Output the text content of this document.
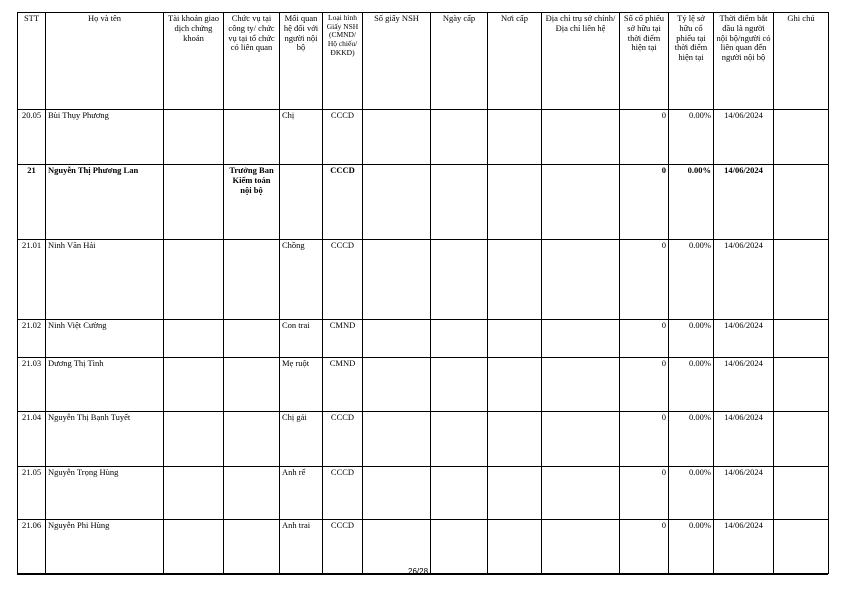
STT	Họ và tên	Tài khoản giao dịch chứng khoán	Chức vụ tại công ty/ chức vụ tại tổ chức có liên quan	Mối quan hệ đối với người nội bộ	Loại hình Giấy NSH (CMND/ Hộ chiếu/ ĐKKD)	Số giấy NSH	Ngày cấp	Nơi cấp	Địa chỉ trụ sở chính/Địa chỉ liên hệ	Số cổ phiếu sở hữu tại thời điểm hiện tại	Tỷ lệ sở hữu cổ phiếu tại thời điểm hiện tại	Thời điểm bắt đầu là người nội bộ/người có liên quan đến người nội bộ	Ghi chú
20.05	Bùi Thụy Phương			Chị	CCCD					0	0.00%	14/06/2024	
21	Nguyễn Thị Phương Lan		Trưởng Ban Kiểm toán nội bộ		CCCD					0	0.00%	14/06/2024	
21.01	Ninh Văn Hải			Chồng	CCCD					0	0.00%	14/06/2024	
21.02	Ninh Việt Cường			Con trai	CMND					0	0.00%	14/06/2024	
21.03	Dương Thị Tình			Mẹ ruột	CMND					0	0.00%	14/06/2024	
21.04	Nguyễn Thị Bạnh Tuyết			Chị gái	CCCD					0	0.00%	14/06/2024	
21.05	Nguyễn Trọng Hùng			Anh rể	CCCD					0	0.00%	14/06/2024	
21.06	Nguyễn Phi Hùng			Anh trai	CCCD					0	0.00%	14/06/2024	
26/28
